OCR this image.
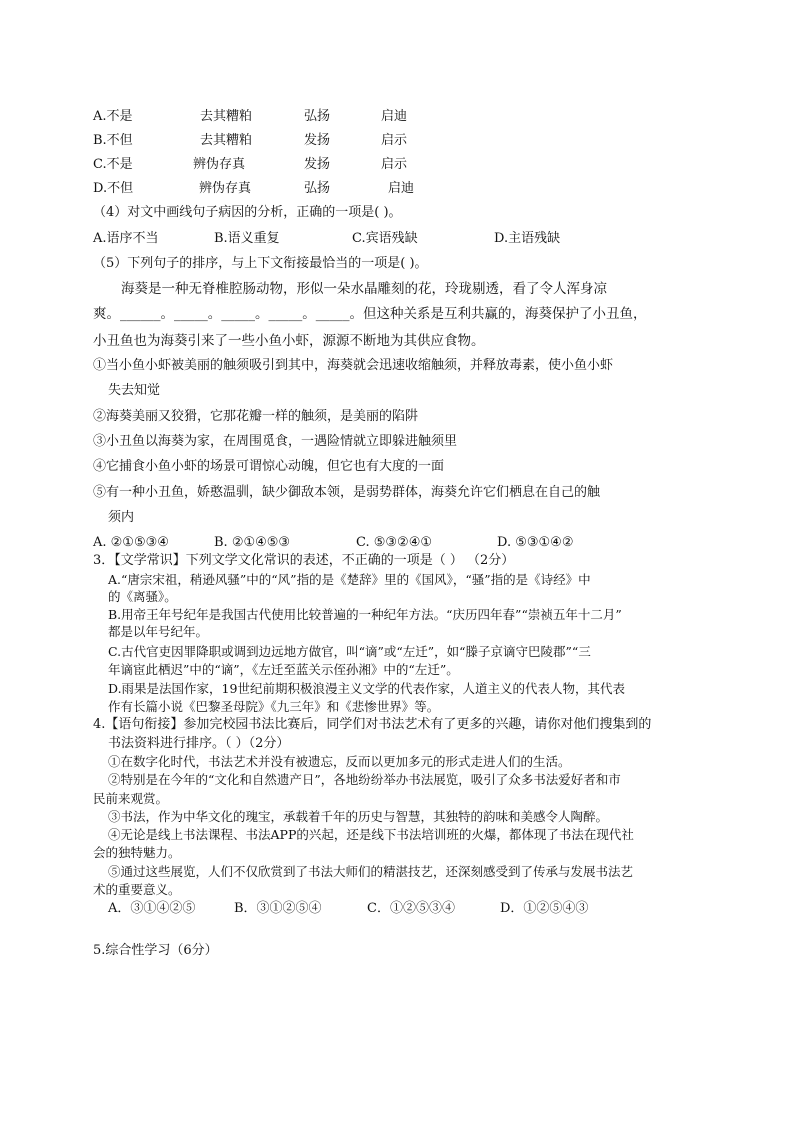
A.不是	去其糟粕	弘扬	启迪
B.不但	去其糟粕	发扬	启示
C.不是	辨伪存真	发扬	启示
D.不但	辨伪存真	弘扬	启迪
（4）对文中画线句子病因的分析，正确的一项是( )。
A.语序不当	B.语义重复	C.宾语残缺	D.主语残缺
（5）下列句子的排序，与上下文衔接最恰当的一项是( )。
海葵是一种无脊椎腔肠动物，形似一朵水晶雕刻的花，玲珑剔透，看了令人浑身凉
爽。______。_____。_____。_____。_____。但这种关系是互利共赢的，海葵保护了小丑鱼，
小丑鱼也为海葵引来了一些小鱼小虾，源源不断地为其供应食物。
①当小鱼小虾被美丽的触须吸引到其中，海葵就会迅速收缩触须，并释放毒素，使小鱼小虾
失去知觉
②海葵美丽又狡猾，它那花瓣一样的触须，是美丽的陷阱
③小丑鱼以海葵为家，在周围觅食，一遇险情就立即躲进触须里
④它捕食小鱼小虾的场景可谓惊心动魄，但它也有大度的一面
⑤有一种小丑鱼，娇憨温驯，缺少御敌本领，是弱势群体，海葵允许它们栖息在自己的触
须内
A. ②①⑤③④	B. ②①④⑤③	C. ⑤③②④①	D. ⑤③①④②
3．【文学常识】下列文学文化常识的表述，不正确的一项是（ ） （2分）
A.“唐宗宋祖，稍逊风骚”中的“风”指的是《楚辞》里的《国风》，“骚”指的是《诗经》中
的《离骚》。
B.用帝王年号纪年是我国古代使用比较普遍的一种纪年方法。“庆历四年春”“崇祯五年十二月”
都是以年号纪年。
C.古代官吏因罪降职或调到边远地方做官，叫“谪”或“左迁”，如“滕子京谪守巴陵郡”“三
年谪宦此栖迟”中的“谪”，《左迁至蓝关示侄孙湘》中的“左迁”。
D.雨果是法国作家，19世纪前期积极浪漫主义文学的代表作家，人道主义的代表人物，其代表
作有长篇小说《巴黎圣母院》《九三年》和《悲惨世界》等。
4.【语句衔接】参加完校园书法比赛后，同学们对书法艺术有了更多的兴趣，请你对他们搜集到的
书法资料进行排序。（ ）（2分）
①在数字化时代，书法艺术并没有被遗忘，反而以更加多元的形式走进人们的生活。
②特别是在今年的“文化和自然遗产日”，各地纷纷举办书法展览，吸引了众多书法爱好者和市
民前来观赏。
③书法，作为中华文化的瑰宝，承载着千年的历史与智慧，其独特的韵味和美感令人陶醉。
④无论是线上书法课程、书法APP的兴起，还是线下书法培训班的火爆，都体现了书法在现代社
会的独特魅力。
⑤通过这些展览，人们不仅欣赏到了书法大师们的精湛技艺，还深刻感受到了传承与发展书法艺
术的重要意义。
A．③①④②⑤	B．③①②⑤④	C．①②⑤③④	D．①②⑤④③
5.综合性学习（6分）
